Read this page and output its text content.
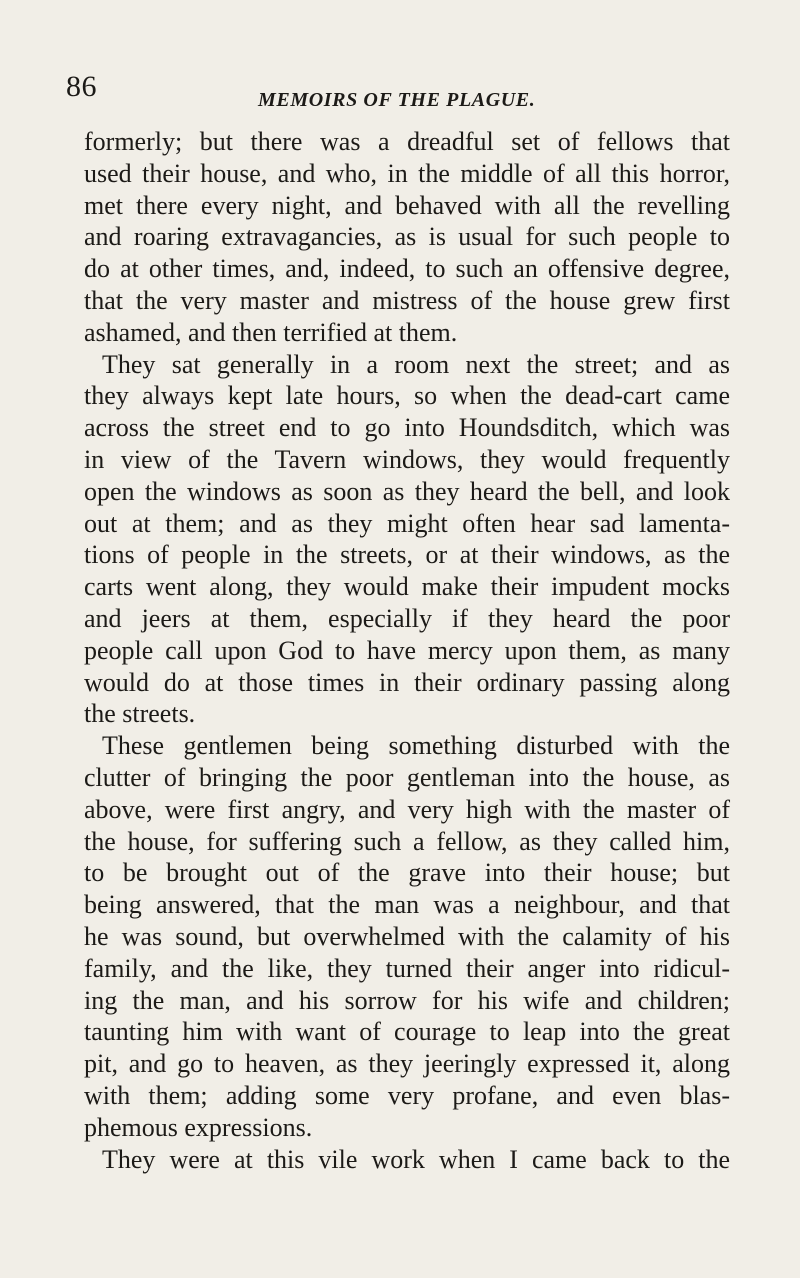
86	MEMOIRS OF THE PLAGUE.
formerly; but there was a dreadful set of fellows that
used their house, and who, in the middle of all this horror,
met there every night, and behaved with all the revelling
and roaring extravagancies, as is usual for such people to
do at other times, and, indeed, to such an offensive degree,
that the very master and mistress of the house grew first
ashamed, and then terrified at them.
They sat generally in a room next the street; and as
they always kept late hours, so when the dead-cart came
across the street end to go into Houndsditch, which was
in view of the Tavern windows, they would frequently
open the windows as soon as they heard the bell, and look
out at them; and as they might often hear sad lamenta-
tions of people in the streets, or at their windows, as the
carts went along, they would make their impudent mocks
and jeers at them, especially if they heard the poor
people call upon God to have mercy upon them, as many
would do at those times in their ordinary passing along
the streets.
These gentlemen being something disturbed with the
clutter of bringing the poor gentleman into the house, as
above, were first angry, and very high with the master of
the house, for suffering such a fellow, as they called him,
to be brought out of the grave into their house; but
being answered, that the man was a neighbour, and that
he was sound, but overwhelmed with the calamity of his
family, and the like, they turned their anger into ridicul-
ing the man, and his sorrow for his wife and children;
taunting him with want of courage to leap into the great
pit, and go to heaven, as they jeeringly expressed it, along
with them; adding some very profane, and even blas-
phemous expressions.
They were at this vile work when I came back to the
